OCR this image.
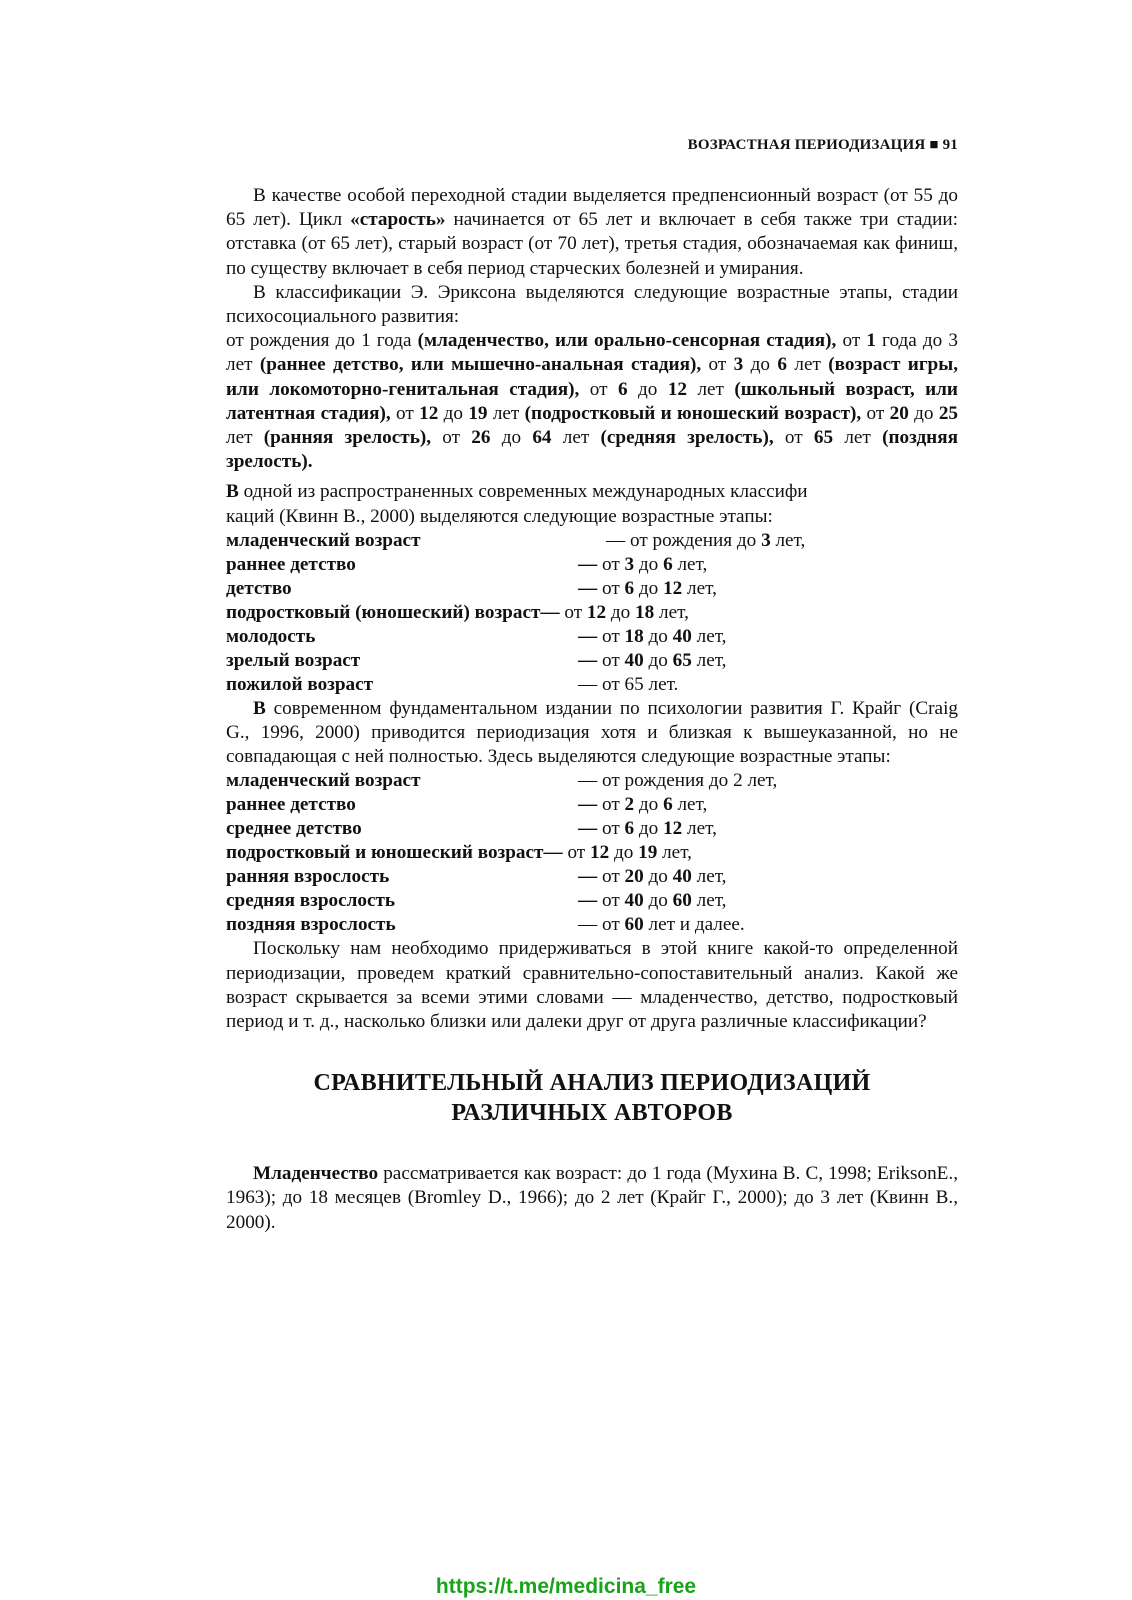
ВОЗРАСТНАЯ ПЕРИОДИЗАЦИЯ ■ 91

В качестве особой переходной стадии выделяется предпенсионный возраст (от 55 до 65 лет). Цикл «старость» начинается от 65 лет и включает в себя также три стадии: отставка (от 65 лет), старый возраст (от 70 лет), третья стадия, обозначаемая как финиш, по существу включает в себя период старческих болезней и умирания.

В классификации Э. Эриксона выделяются следующие возрастные этапы, стадии психосоциального развития:

от рождения до 1 года (младенчество, или орально-сенсорная стадия), от 1 года до 3 лет (раннее детство, или мышечно-анальная стадия), от 3 до 6 лет (возраст игры, или локомоторно-генитальная стадия), от 6 до 12 лет (школьный возраст, или латентная стадия), от 12 до 19 лет (подростковый и юношеский возраст), от 20 до 25 лет (ранняя зрелость), от 26 до 64 лет (средняя зрелость), от 65 лет (поздняя зрелость).

В одной из распространенных современных международных классифи
каций (Квинн В., 2000) выделяются следующие возрастные этапы:

младенческий возраст	— от рождения до 3 лет,
раннее детство	— от 3 до 6 лет,
детство	— от 6 до 12 лет,
подростковый (юношеский) возраст — от 12 до 18 лет,
молодость	— от 18 до 40 лет,
зрелый возраст	— от 40 до 65 лет,
пожилой возраст	— от 65 лет.

В современном фундаментальном издании по психологии развития Г. Крайг (Craig G., 1996, 2000) приводится периодизация хотя и близкая к вышеуказанной, но не совпадающая с ней полностью. Здесь выделяются следующие возрастные этапы:

младенческий возраст	— от рождения до 2 лет,
раннее детство	— от 2 до 6 лет,
среднее детство	— от 6 до 12 лет,
подростковый и юношеский возраст — от 12 до 19 лет,
ранняя взрослость	— от 20 до 40 лет,
средняя взрослость	— от 40 до 60 лет,
поздняя взрослость	— от 60 лет и далее.

Поскольку нам необходимо придерживаться в этой книге какой-то определенной периодизации, проведем краткий сравнительно-сопоставительный анализ. Какой же возраст скрывается за всеми этими словами — младенчество, детство, подростковый период и т. д., насколько близки или далеки друг от друга различные классификации?

СРАВНИТЕЛЬНЫЙ АНАЛИЗ ПЕРИОДИЗАЦИЙ
РАЗЛИЧНЫХ АВТОРОВ

Младенчество рассматривается как возраст: до 1 года (Мухина В. С, 1998; EriksonE., 1963); до 18 месяцев (Bromley D., 1966); до 2 лет (Крайг Г., 2000); до 3 лет (Квинн В., 2000).

https://t.me/medicina_free
